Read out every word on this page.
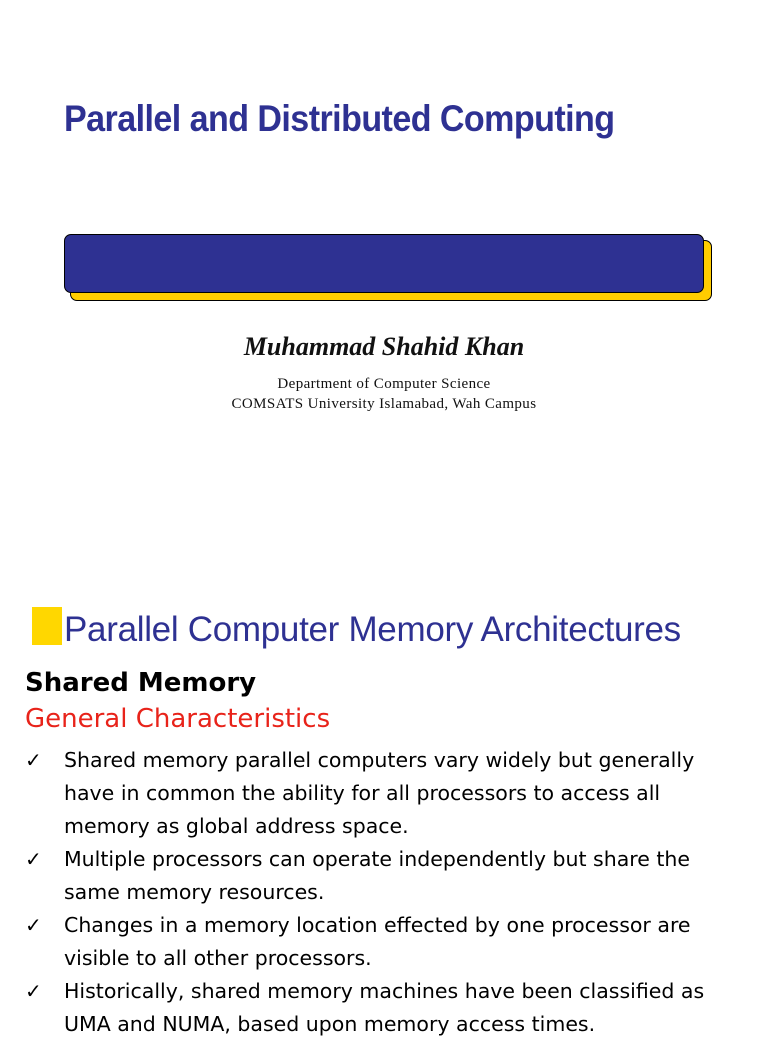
Parallel and Distributed Computing
Muhammad Shahid Khan
Department of Computer Science
COMSATS University Islamabad, Wah Campus
Parallel Computer Memory Architectures
Shared Memory
General Characteristics
✓ Shared memory parallel computers vary widely but generally have in common the ability for all processors to access all memory as global address space.
✓ Multiple processors can operate independently but share the same memory resources.
✓ Changes in a memory location effected by one processor are visible to all other processors.
✓ Historically, shared memory machines have been classified as UMA and NUMA, based upon memory access times.
